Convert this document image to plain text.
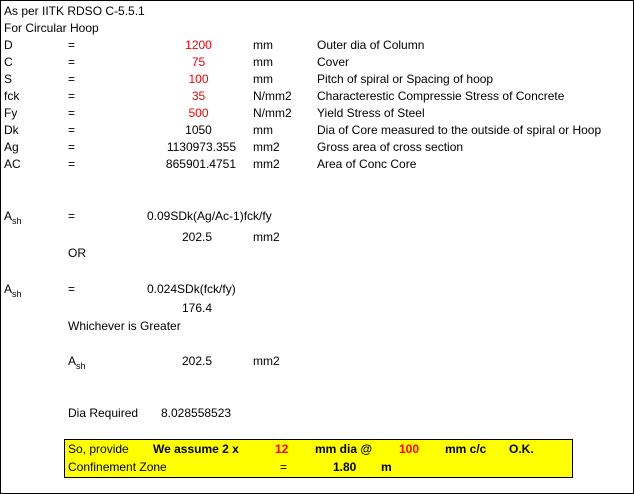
As per IITK RDSO C-5.5.1
For Circular Hoop
D	=	1200	mm	Outer dia of Column
C	=	75	mm	Cover
S	=	100	mm	Pitch of spiral or Spacing of hoop
fck	=	35	N/mm2 Characterestic Compressie Stress of Concrete
Fy	=	500	N/mm2 Yield Stress of Steel
Dk	=	1050	mm	Dia of Core measured to the outside of spiral or Hoop
Ag	=	1130973.355 mm2	Gross area of cross section
AC	=	865901.4751 mm2	Area of Conc Core
$A_{sh}$	=	0.09SDk(Ag/Ac-1)fck/fy
202.5	mm2
OR
$A_{sh}$	=	0.024SDk(fck/fy)
176.4
Whichever is Greater
$A_{sh}$	202.5	mm2
Dia Required 8.028558523
So, provide We assume 2 x	12 mm dia @ 100 mm c/c O.K.
Confinement Zone	=	1.80 m
